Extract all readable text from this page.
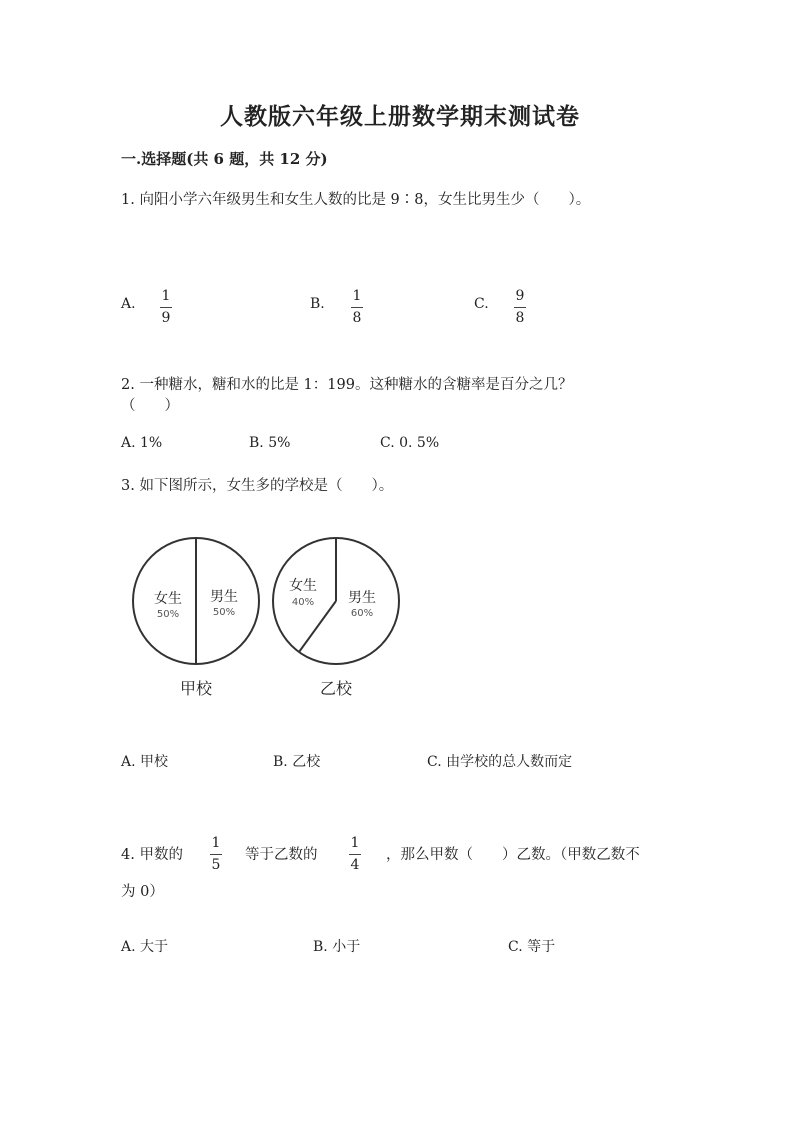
人教版六年级上册数学期末测试卷
一.选择题(共 6 题，共 12 分)
1. 向阳小学六年级男生和女生人数的比是 9∶8，女生比男生少（　　）。
A. 1
9
B. 1
8
C. 9
8
2. 一种糖水，糖和水的比是 1：199。这种糖水的含糖率是百分之几？
（　　）
A. 1%	B. 5%	C. 0. 5%
3. 如下图所示，女生多的学校是（　　）。
女生
50%
男生
50%
甲校
女生
40% 男生
60%
乙校
A. 甲校	B. 乙校	C. 由学校的总人数而定
4. 甲数的
1
5
等于乙数的
1
4
，那么甲数（　　）乙数。（甲数乙数不
为 0）
A. 大于	B. 小于	C. 等于
